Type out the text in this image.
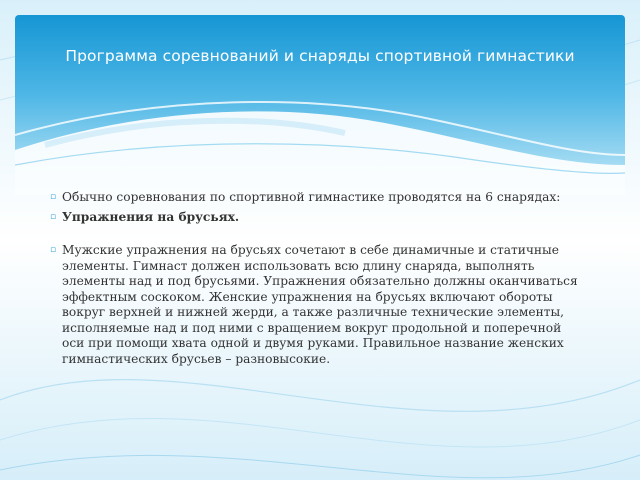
Программа соревнований и снаряды спортивной гимнастики
▫ Обычно соревнования по спортивной гимнастике проводятся на 6 снарядах:
▫ Упражнения на брусьях.
▫ Мужские упражнения на брусьях сочетают в себе динамичные и статичные элементы. Гимнаст должен использовать всю длину снаряда, выполнять элементы над и под брусьями. Упражнения обязательно должны оканчиваться эффектным соскоком. Женские упражнения на брусьях включают обороты вокруг верхней и нижней жерди, а также различные технические элементы, исполняемые над и под ними с вращением вокруг продольной и поперечной оси при помощи хвата одной и двумя руками. Правильное название женских гимнастических брусьев – разновысокие.
